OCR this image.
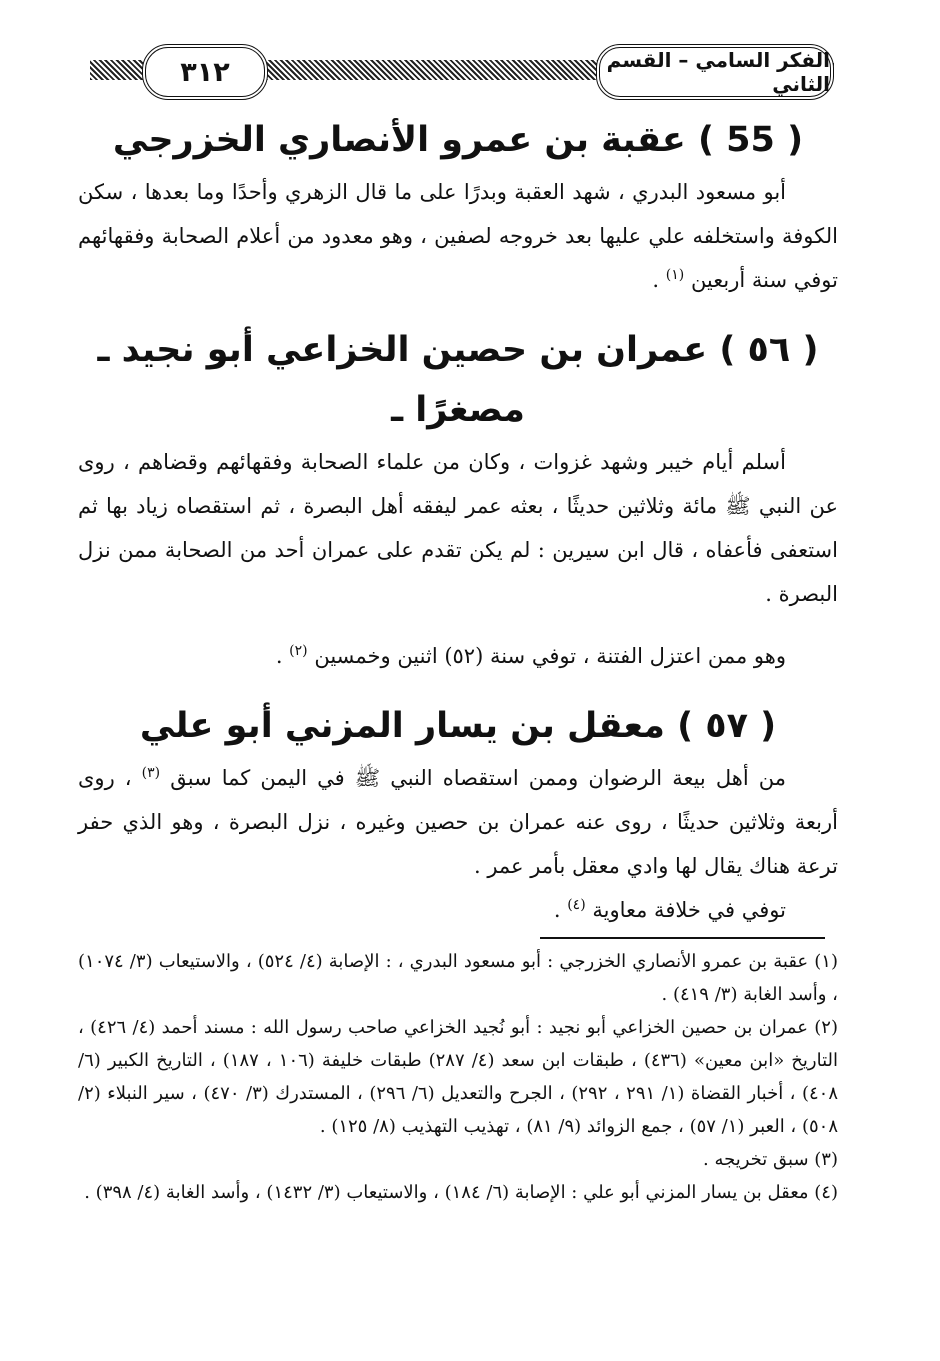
٣١٢	الفكر السامي – القسم الثاني
( 55 ) عقبة بن عمرو الأنصاري الخزرجي

أبو مسعود البدري ، شهد العقبة وبدرًا على ما قال الزهري وأحدًا وما بعدها ، سكن الكوفة واستخلفه علي عليها بعد خروجه لصفين ، وهو معدود من أعلام الصحابة وفقهائهم توفي سنة أربعين $^{(١)}$ .

( ٥٦ ) عمران بن حصين الخزاعي أبو نجيد ـ مصغرًا ـ

أسلم أيام خيبر وشهد غزوات ، وكان من علماء الصحابة وفقهائهم وقضاهم ، روى عن النبي ﷺ مائة وثلاثين حديثًا ، بعثه عمر ليفقه أهل البصرة ، ثم استقصاه زياد بها ثم استعفى فأعفاه ، قال ابن سيرين : لم يكن تقدم على عمران أحد من الصحابة ممن نزل البصرة .

وهو ممن اعتزل الفتنة ، توفي سنة (٥٢) اثنين وخمسين $^{(٢)}$ .

( ٥٧ ) معقل بن يسار المزني أبو علي

من أهل بيعة الرضوان وممن استقصاه النبي ﷺ في اليمن كما سبق $^{(٣)}$ ، روى أربعة وثلاثين حديثًا ، روى عنه عمران بن حصين وغيره ، نزل البصرة ، وهو الذي حفر ترعة هناك يقال لها وادي معقل بأمر عمر .

توفي في خلافة معاوية $^{(٤)}$ .

(١) عقبة بن عمرو الأنصاري الخزرجي : أبو مسعود البدري ، : الإصابة (٤/ ٥٢٤) ، والاستيعاب (٣/ ١٠٧٤) ، وأسد الغابة (٣/ ٤١٩) .

(٢) عمران بن حصين الخزاعي أبو نجيد : أبو نُجيد الخزاعي صاحب رسول الله : مسند أحمد (٤/ ٤٢٦) ، التاريخ «ابن معين» (٤٣٦) ، طبقات ابن سعد (٤/ ٢٨٧) طبقات خليفة (١٠٦ ، ١٨٧) ، التاريخ الكبير (٦/ ٤٠٨) ، أخبار القضاة (١/ ٢٩١ ، ٢٩٢) ، الجرح والتعديل (٦/ ٢٩٦) ، المستدرك (٣/ ٤٧٠) ، سير النبلاء (٢/ ٥٠٨) ، العبر (١/ ٥٧) ، جمع الزوائد (٩/ ٨١) ، تهذيب التهذيب (٨/ ١٢٥) .

(٣) سبق تخريجه .

(٤) معقل بن يسار المزني أبو علي : الإصابة (٦/ ١٨٤) ، والاستيعاب (٣/ ١٤٣٢) ، وأسد الغابة (٤/ ٣٩٨) .
